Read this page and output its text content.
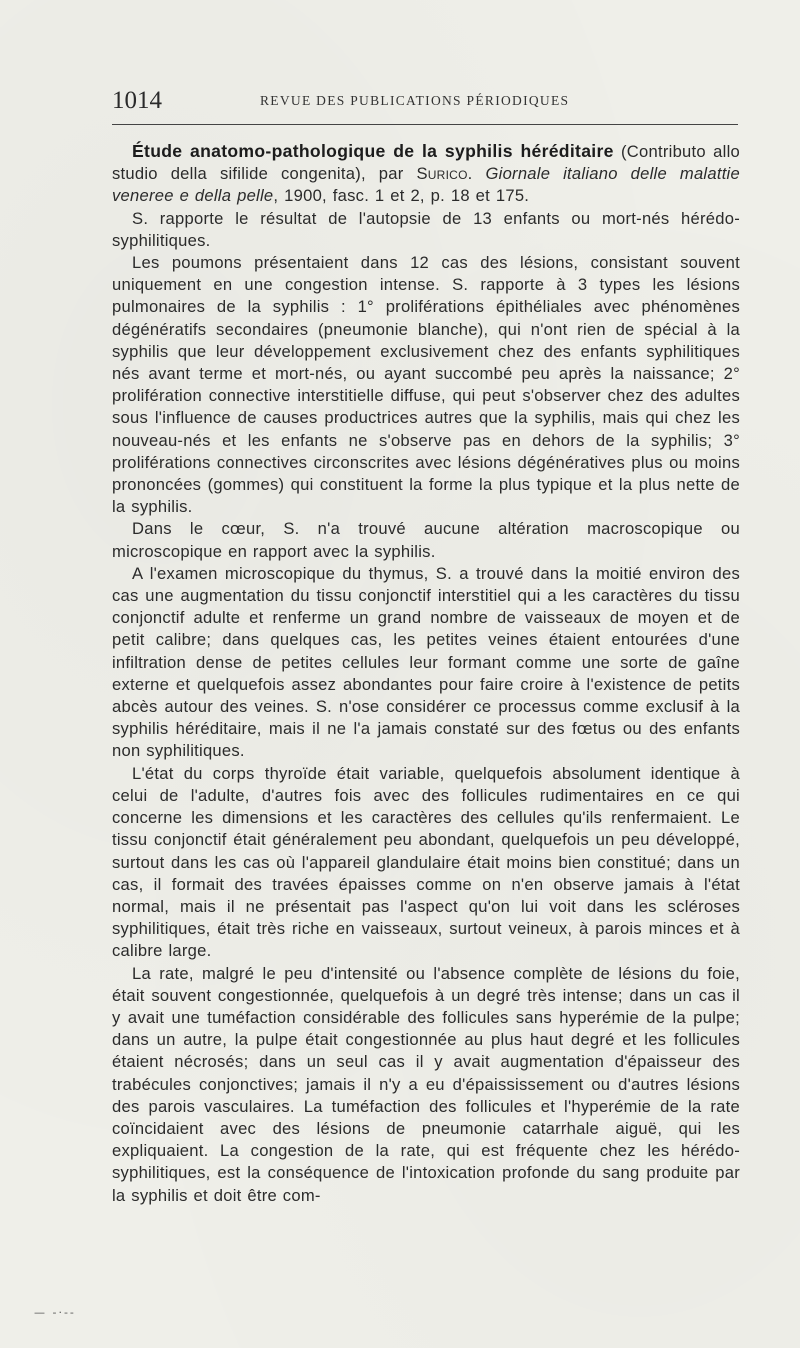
1014	REVUE DES PUBLICATIONS PÉRIODIQUES

Étude anatomo-pathologique de la syphilis héréditaire (Contributo allo studio della sifilide congenita), par Surico. Giornale italiano delle malattie veneree e della pelle, 1900, fasc. 1 et 2, p. 18 et 175.

S. rapporte le résultat de l'autopsie de 13 enfants ou mort-nés hérédo-syphilitiques.

Les poumons présentaient dans 12 cas des lésions, consistant souvent uniquement en une congestion intense. S. rapporte à 3 types les lésions pulmonaires de la syphilis : 1° proliférations épithéliales avec phénomènes dégénératifs secondaires (pneumonie blanche), qui n'ont rien de spécial à la syphilis que leur développement exclusivement chez des enfants syphilitiques nés avant terme et mort-nés, ou ayant succombé peu après la naissance; 2° prolifération connective interstitielle diffuse, qui peut s'observer chez des adultes sous l'influence de causes productrices autres que la syphilis, mais qui chez les nouveau-nés et les enfants ne s'observe pas en dehors de la syphilis; 3° proliférations connectives circonscrites avec lésions dégénératives plus ou moins prononcées (gommes) qui constituent la forme la plus typique et la plus nette de la syphilis.

Dans le cœur, S. n'a trouvé aucune altération macroscopique ou microscopique en rapport avec la syphilis.

A l'examen microscopique du thymus, S. a trouvé dans la moitié environ des cas une augmentation du tissu conjonctif interstitiel qui a les caractères du tissu conjonctif adulte et renferme un grand nombre de vaisseaux de moyen et de petit calibre; dans quelques cas, les petites veines étaient entourées d'une infiltration dense de petites cellules leur formant comme une sorte de gaîne externe et quelquefois assez abondantes pour faire croire à l'existence de petits abcès autour des veines. S. n'ose considérer ce processus comme exclusif à la syphilis héréditaire, mais il ne l'a jamais constaté sur des fœtus ou des enfants non syphilitiques.

L'état du corps thyroïde était variable, quelquefois absolument identique à celui de l'adulte, d'autres fois avec des follicules rudimentaires en ce qui concerne les dimensions et les caractères des cellules qu'ils renfermaient. Le tissu conjonctif était généralement peu abondant, quelquefois un peu développé, surtout dans les cas où l'appareil glandulaire était moins bien constitué; dans un cas, il formait des travées épaisses comme on n'en observe jamais à l'état normal, mais il ne présentait pas l'aspect qu'on lui voit dans les scléroses syphilitiques, était très riche en vaisseaux, surtout veineux, à parois minces et à calibre large.

La rate, malgré le peu d'intensité ou l'absence complète de lésions du foie, était souvent congestionnée, quelquefois à un degré très intense; dans un cas il y avait une tuméfaction considérable des follicules sans hyperémie de la pulpe; dans un autre, la pulpe était congestionnée au plus haut degré et les follicules étaient nécrosés; dans un seul cas il y avait augmentation d'épaisseur des trabécules conjonctives; jamais il n'y a eu d'épaississement ou d'autres lésions des parois vasculaires. La tuméfaction des follicules et l'hyperémie de la rate coïncidaient avec des lésions de pneumonie catarrhale aiguë, qui les expliquaient. La congestion de la rate, qui est fréquente chez les hérédo-syphilitiques, est la conséquence de l'intoxication profonde du sang produite par la syphilis et doit être com-

— -·--
